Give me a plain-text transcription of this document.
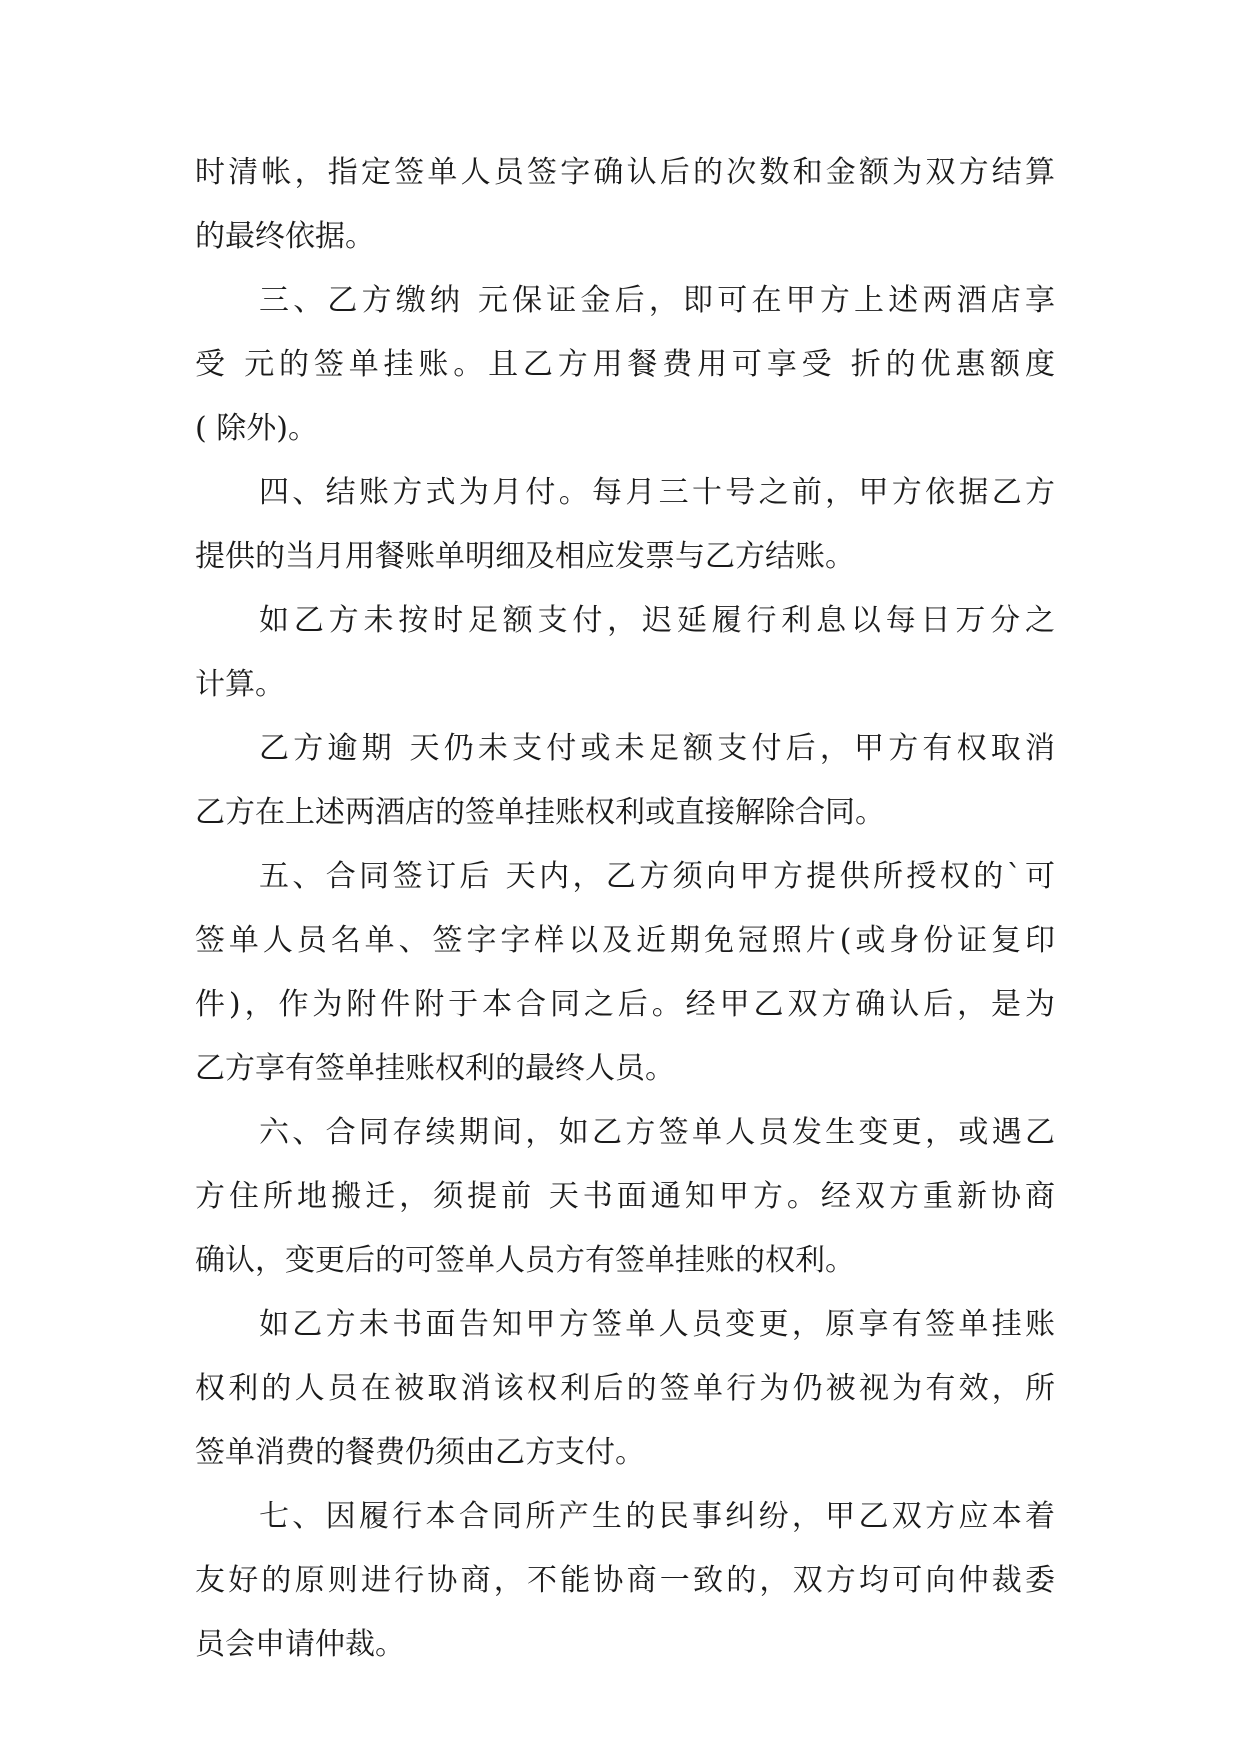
时清帐，指定签单人员签字确认后的次数和金额为双方结算
的最终依据。
三、乙方缴纳 元保证金后，即可在甲方上述两酒店享
受 元的签单挂账。且乙方用餐费用可享受 折的优惠额度
( 除外)。
四、结账方式为月付。每月三十号之前，甲方依据乙方
提供的当月用餐账单明细及相应发票与乙方结账。
如乙方未按时足额支付，迟延履行利息以每日万分之
计算。
乙方逾期 天仍未支付或未足额支付后，甲方有权取消
乙方在上述两酒店的签单挂账权利或直接解除合同。
五、合同签订后 天内，乙方须向甲方提供所授权的`可
签单人员名单、签字字样以及近期免冠照片(或身份证复印
件)，作为附件附于本合同之后。经甲乙双方确认后，是为
乙方享有签单挂账权利的最终人员。
六、合同存续期间，如乙方签单人员发生变更，或遇乙
方住所地搬迁，须提前 天书面通知甲方。经双方重新协商
确认，变更后的可签单人员方有签单挂账的权利。
如乙方未书面告知甲方签单人员变更，原享有签单挂账
权利的人员在被取消该权利后的签单行为仍被视为有效，所
签单消费的餐费仍须由乙方支付。
七、因履行本合同所产生的民事纠纷，甲乙双方应本着
友好的原则进行协商，不能协商一致的，双方均可向仲裁委
员会申请仲裁。
